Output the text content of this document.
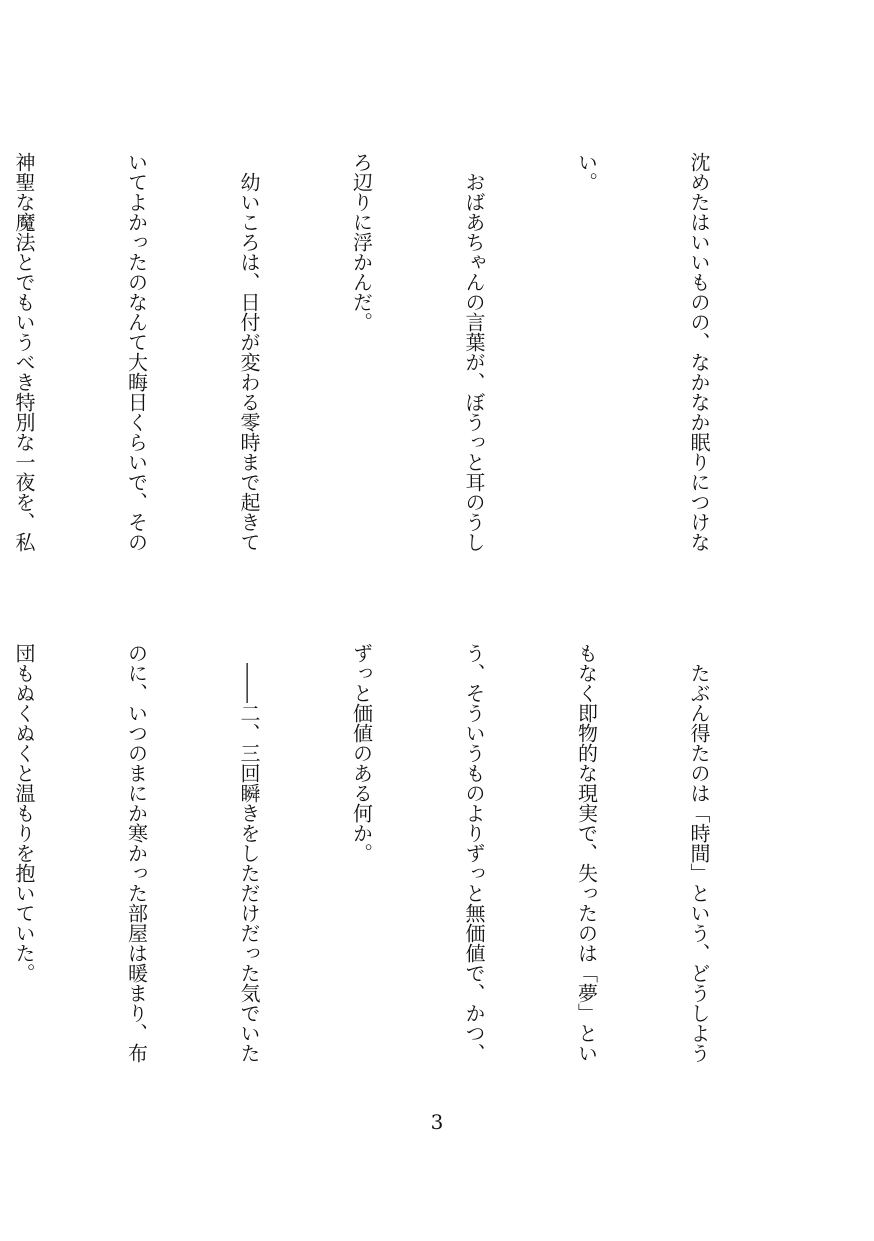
沈めたはいいものの、なかなか眠りにつけな

い。

　おばあちゃんの言葉が、ぼうっと耳のうし

ろ辺りに浮かんだ。

　幼いころは、日付が変わる零時まで起きて

いてよかったのなんて大晦日くらいで、その

神聖な魔法とでもいうべき特別な一夜を、私

　たぶん得たのは「時間」という、どうしよう

もなく即物的な現実で、失ったのは「夢」とい

う、そういうものよりずっと無価値で、かつ、

ずっと価値のある何か。

　――二、三回瞬きをしただけだった気でいた

のに、いつのまにか寒かった部屋は暖まり、布

団もぬくぬくと温もりを抱いていた。

3
